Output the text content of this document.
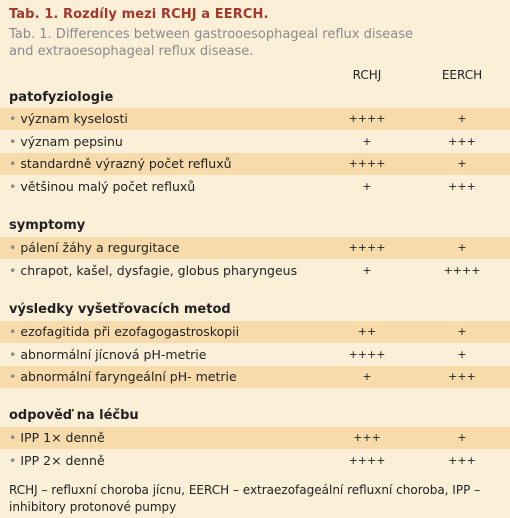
Tab. 1. Rozdíly mezi RCHJ a EERCH.
Tab. 1. Differences between gastrooesophageal reflux disease and extraoesophageal reflux disease.
RCHJ	EERCH
patofyziologie
• význam kyselosti	++++	+
• význam pepsinu	+	+++
• standardně výrazný počet refluxů	++++	+
• většinou malý počet refluxů	+	+++
symptomy
• pálení žáhy a regurgitace	++++	+
• chrapot, kašel, dysfagie, globus pharyngeus	+	++++
výsledky vyšetřovacích metod
• ezofagitida při ezofagogastroskopii	++	+
• abnormální jícnová pH-metrie	++++	+
• abnormální faryngeální pH- metrie	+	+++
odpověď na léčbu
• IPP 1× denně	+++	+
• IPP 2× denně	++++	+++
RCHJ – refluxní choroba jícnu, EERCH – extraezofageální refluxní choroba, IPP – inhibitory protonové pumpy
